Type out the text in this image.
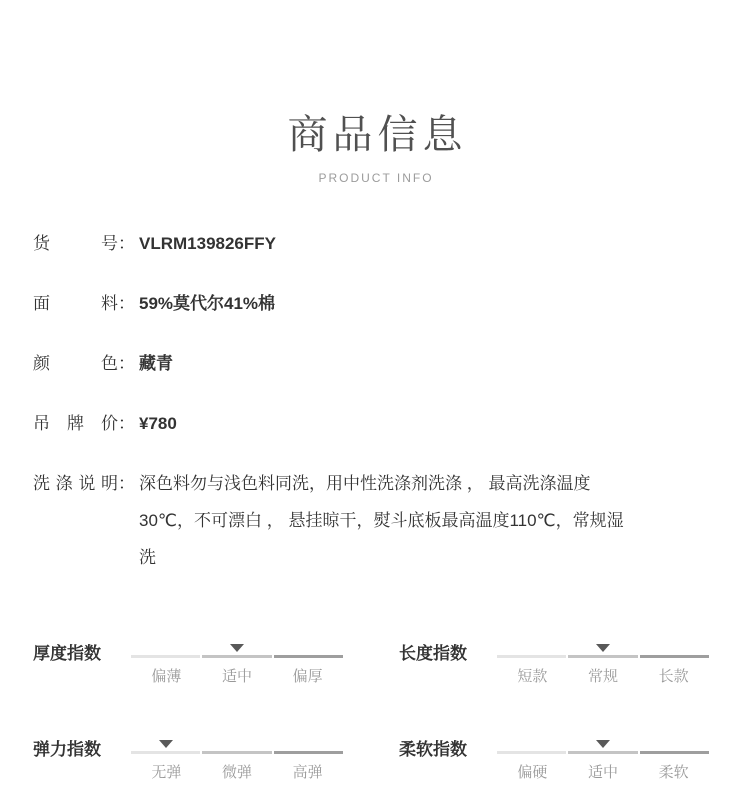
商品信息
PRODUCT INFO
货号 ： VLRM139826FFY
面料 ： 59%莫代尔41%棉
颜色 ： 藏青
吊牌价 ： ¥780
洗涤说明 ： 深色料勿与浅色料同洗，用中性洗涤剂洗涤 ， 最高洗涤温度
30℃，不可漂白 ， 悬挂晾干，熨斗底板最高温度110℃，常规湿
洗
厚度指数
偏薄	适中	偏厚
长度指数
短款	常规	长款
弹力指数
无弹	微弹	高弹
柔软指数
偏硬	适中	柔软
